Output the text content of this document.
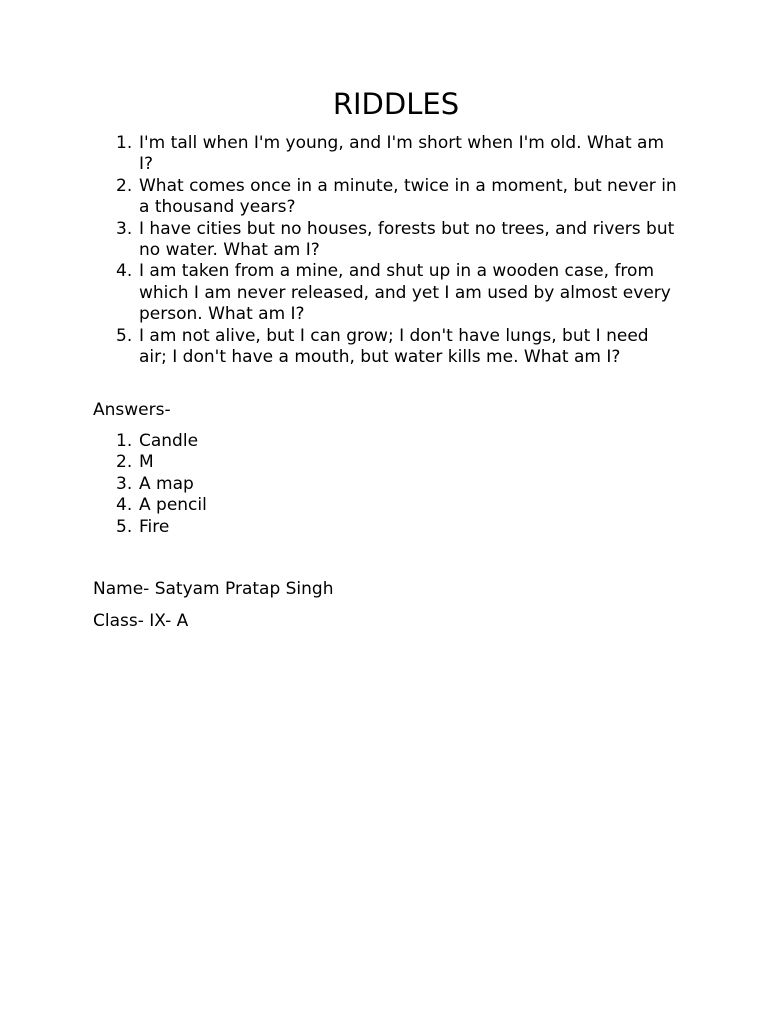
RIDDLES
1. I'm tall when I'm young, and I'm short when I'm old. What am I?
2. What comes once in a minute, twice in a moment, but never in a thousand years?
3. I have cities but no houses, forests but no trees, and rivers but no water. What am I?
4. I am taken from a mine, and shut up in a wooden case, from which I am never released, and yet I am used by almost every person. What am I?
5. I am not alive, but I can grow; I don't have lungs, but I need air; I don't have a mouth, but water kills me. What am I?

Answers-

1. Candle
2. M
3. A map
4. A pencil
5. Fire

Name- Satyam Pratap Singh

Class- IX- A
